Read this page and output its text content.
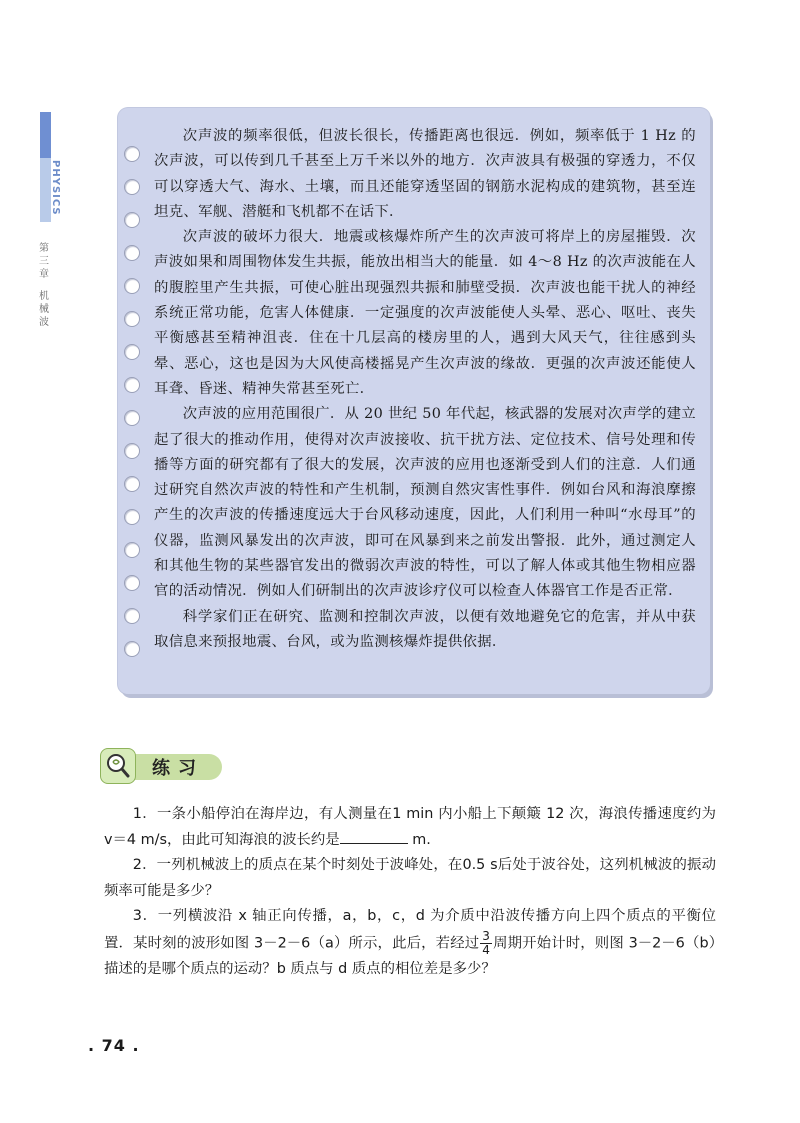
PHYSICS
第三章
机械波

次声波的频率很低，但波长很长，传播距离也很远．例如，频率低于 1 Hz 的次声波，可以传到几千甚至上万千米以外的地方．次声波具有极强的穿透力，不仅可以穿透大气、海水、土壤，而且还能穿透坚固的钢筋水泥构成的建筑物，甚至连坦克、军舰、潜艇和飞机都不在话下．

次声波的破坏力很大．地震或核爆炸所产生的次声波可将岸上的房屋摧毁．次声波如果和周围物体发生共振，能放出相当大的能量．如 4～8 Hz 的次声波能在人的腹腔里产生共振，可使心脏出现强烈共振和肺壁受损．次声波也能干扰人的神经系统正常功能，危害人体健康．一定强度的次声波能使人头晕、恶心、呕吐、丧失平衡感甚至精神沮丧．住在十几层高的楼房里的人，遇到大风天气，往往感到头晕、恶心，这也是因为大风使高楼摇晃产生次声波的缘故．更强的次声波还能使人耳聋、昏迷、精神失常甚至死亡．

次声波的应用范围很广．从 20 世纪 50 年代起，核武器的发展对次声学的建立起了很大的推动作用，使得对次声波接收、抗干扰方法、定位技术、信号处理和传播等方面的研究都有了很大的发展，次声波的应用也逐渐受到人们的注意．人们通过研究自然次声波的特性和产生机制，预测自然灾害性事件．例如台风和海浪摩擦产生的次声波的传播速度远大于台风移动速度，因此，人们利用一种叫“水母耳”的仪器，监测风暴发出的次声波，即可在风暴到来之前发出警报．此外，通过测定人和其他生物的某些器官发出的微弱次声波的特性，可以了解人体或其他生物相应器官的活动情况．例如人们研制出的次声波诊疗仪可以检查人体器官工作是否正常．

科学家们正在研究、监测和控制次声波，以便有效地避免它的危害，并从中获取信息来预报地震、台风，或为监测核爆炸提供依据．

练习

1．一条小船停泊在海岸边，有人测量在1 min 内小船上下颠簸 12 次，海浪传播速度约为 v＝4 m/s，由此可知海浪的波长约是	m.

2．一列机械波上的质点在某个时刻处于波峰处，在0.5 s后处于波谷处，这列机械波的振动频率可能是多少？

3．一列横波沿 x 轴正向传播，a，b，c，d 为介质中沿波传播方向上四个质点的平衡位置．某时刻的波形如图 3－2－6（a）所示，此后，若经过 $\frac{3}{4}$ 周期开始计时，则图 3－2－6（b）描述的是哪个质点的运动？b 质点与 d 质点的相位差是多少？

. 74 .
